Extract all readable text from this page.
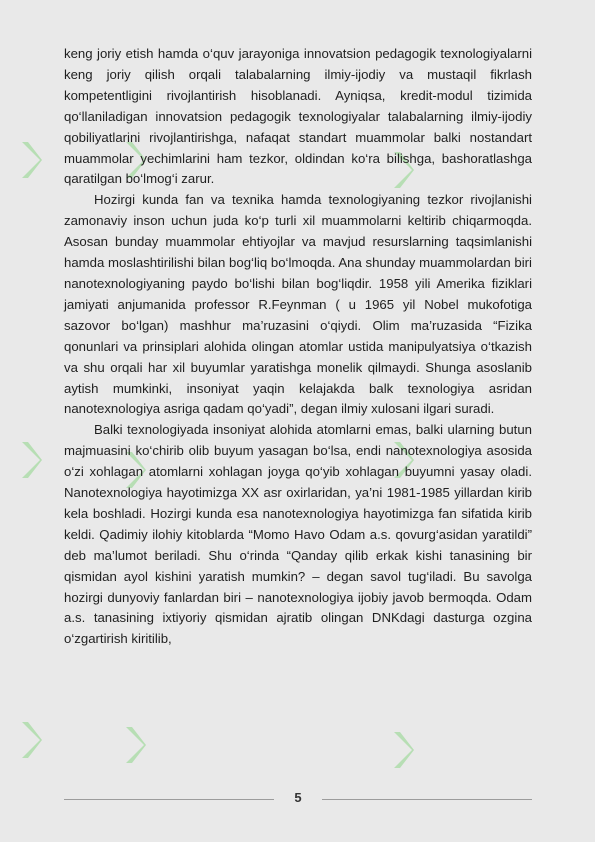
keng joriy etish hamda o‘quv jarayoniga innovatsion pedagogik texnologiyalarni keng joriy qilish orqali talabalarning ilmiy-ijodiy va mustaqil fikrlash kompetentligini rivojlantirish hisoblanadi. Ayniqsa, kredit-modul tizimida qo‘llaniladigan innovatsion pedagogik texnologiyalar talabalarning ilmiy-ijodiy qobiliyatlarini rivojlantirishga, nafaqat standart muammolar balki nostandart muammolar yechimlarini ham tezkor, oldindan ko‘ra bilishga, bashoratlashga qaratilgan bo‘lmog‘i zarur.

Hozirgi kunda fan va texnika hamda texnologiyaning tezkor rivojlanishi zamonaviy inson uchun juda ko‘p turli xil muammolarni keltirib chiqarmoqda. Asosan bunday muammolar ehtiyojlar va mavjud resurslarning taqsimlanishi hamda moslashtirilishi bilan bog‘liq bo‘lmoqda. Ana shunday muammolardan biri nanotexnologiyaning paydo bo‘lishi bilan bog‘liqdir. 1958 yili Amerika fiziklari jamiyati anjumanida professor R.Feynman ( u 1965 yil Nobel mukofotiga sazovor bo‘lgan) mashhur ma’ruzasini o‘qiydi. Olim ma’ruzasida “Fizika qonunlari va prinsiplari alohida olingan atomlar ustida manipulyatsiya o‘tkazish va shu orqali har xil buyumlar yaratishga monelik qilmaydi. Shunga asoslanib aytish mumkinki, insoniyat yaqin kelajakda balk texnologiya asridan nanotexnologiya asriga qadam qo‘yadi”, degan ilmiy xulosani ilgari suradi.

Balki texnologiyada insoniyat alohida atomlarni emas, balki ularning butun majmuasini ko‘chirib olib buyum yasagan bo‘lsa, endi nanotexnologiya asosida o‘zi xohlagan atomlarni xohlagan joyga qo‘yib xohlagan buyumni yasay oladi. Nanotexnologiya hayotimizga XX asr oxirlaridan, ya’ni 1981-1985 yillardan kirib kela boshladi. Hozirgi kunda esa nanotexnologiya hayotimizga fan sifatida kirib keldi. Qadimiy ilohiy kitoblarda “Momo Havo Odam a.s. qovurg‘asidan yaratildi” deb ma’lumot beriladi. Shu o‘rinda “Qanday qilib erkak kishi tanasining bir qismidan ayol kishini yaratish mumkin? – degan savol tug‘iladi. Bu savolga hozirgi dunyoviy fanlardan biri – nanotexnologiya ijobiy javob bermoqda. Odam a.s. tanasining ixtiyoriy qismidan ajratib olingan DNKdagi dasturga ozgina o‘zgartirish kiritilib,

5
